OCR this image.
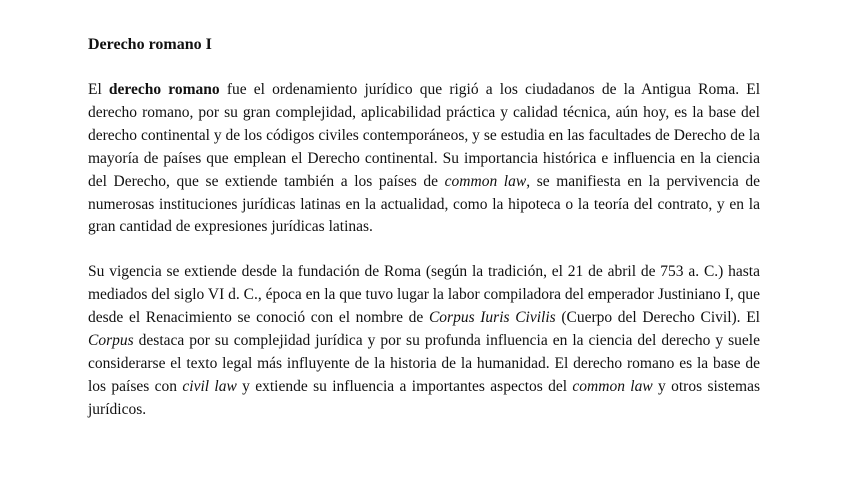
Derecho romano I

El derecho romano fue el ordenamiento jurídico que rigió a los ciudadanos de la Antigua Roma. El derecho romano, por su gran complejidad, aplicabilidad práctica y calidad técnica, aún hoy, es la base del derecho continental y de los códigos civiles contemporáneos, y se estudia en las facultades de Derecho de la mayoría de países que emplean el Derecho continental. Su importancia histórica e influencia en la ciencia del Derecho, que se extiende también a los países de common law, se manifiesta en la pervivencia de numerosas instituciones jurídicas latinas en la actualidad, como la hipoteca o la teoría del contrato, y en la gran cantidad de expresiones jurídicas latinas.

Su vigencia se extiende desde la fundación de Roma (según la tradición, el 21 de abril de 753 a. C.) hasta mediados del siglo VI d. C., época en la que tuvo lugar la labor compiladora del emperador Justiniano I, que desde el Renacimiento se conoció con el nombre de Corpus Iuris Civilis (Cuerpo del Derecho Civil). El Corpus destaca por su complejidad jurídica y por su profunda influencia en la ciencia del derecho y suele considerarse el texto legal más influyente de la historia de la humanidad. El derecho romano es la base de los países con civil law y extiende su influencia a importantes aspectos del common law y otros sistemas jurídicos.
